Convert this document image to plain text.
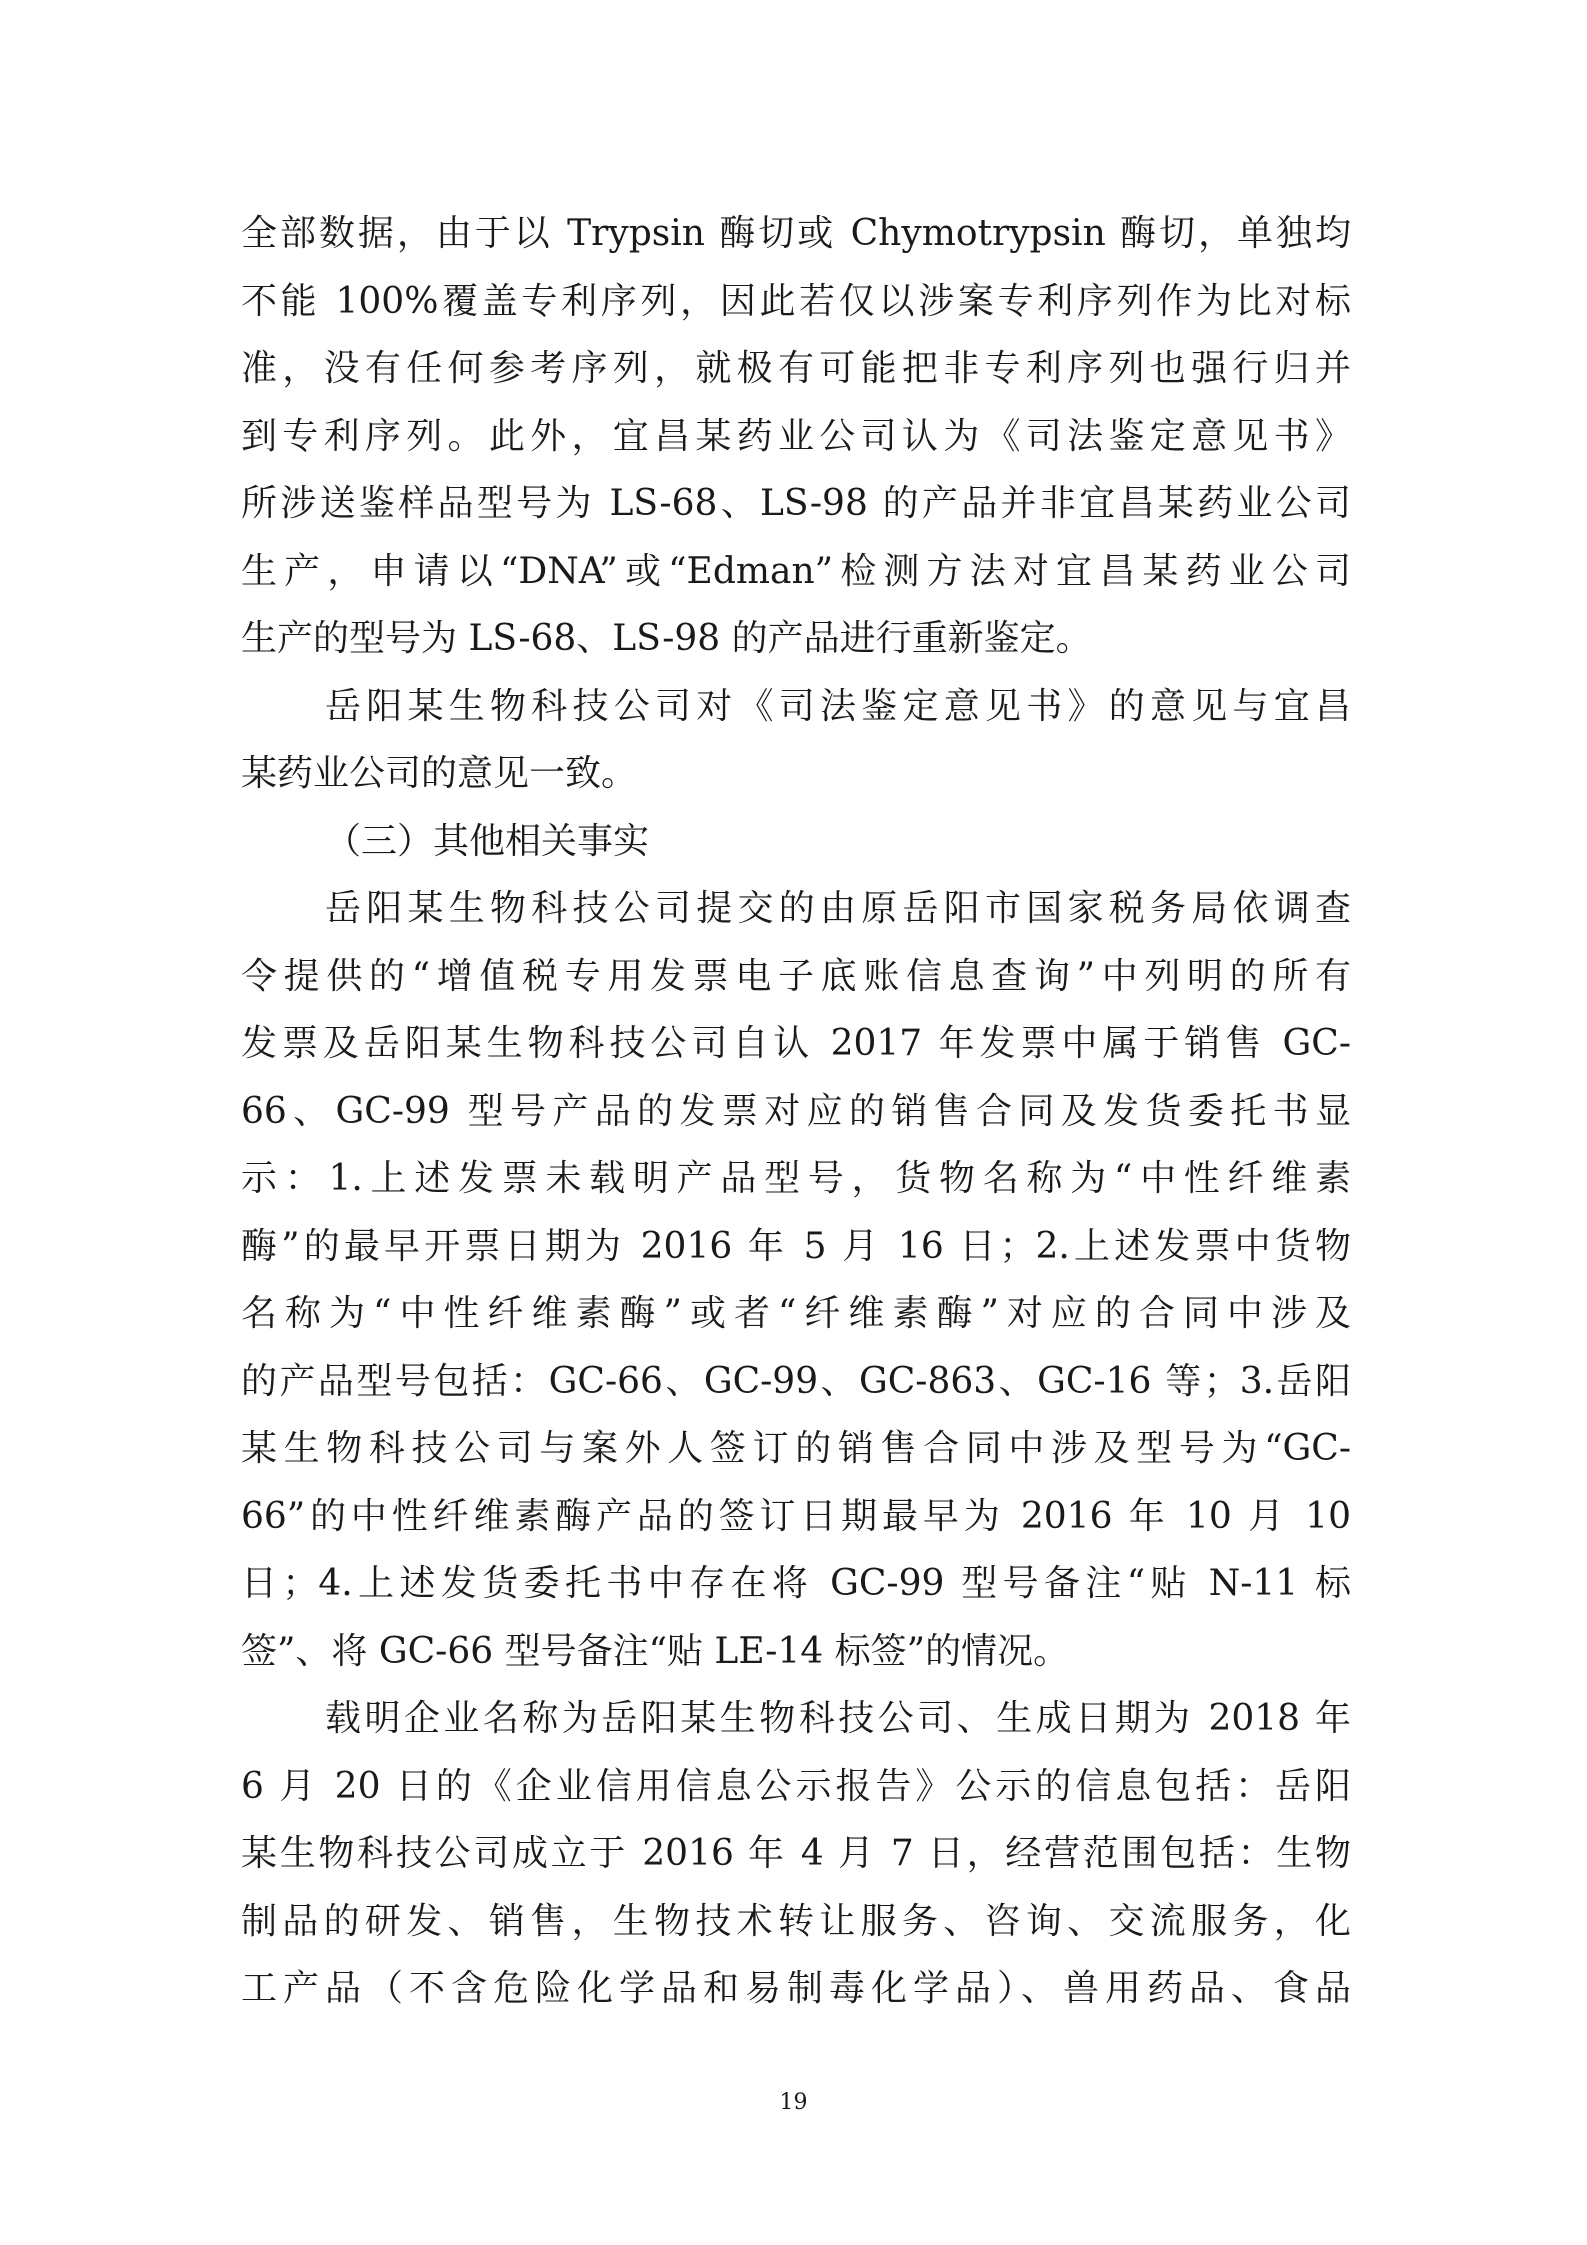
全部数据，由于以 Trypsin 酶切或 Chymotrypsin 酶切，单独均
不能 100%覆盖专利序列，因此若仅以涉案专利序列作为比对标
准，没有任何参考序列，就极有可能把非专利序列也强行归并
到专利序列。此外，宜昌某药业公司认为《司法鉴定意见书》
所涉送鉴样品型号为 LS-68、LS-98 的产品并非宜昌某药业公司
生产，申请以“DNA”或“Edman”检测方法对宜昌某药业公司
生产的型号为 LS-68、LS-98 的产品进行重新鉴定。
岳阳某生物科技公司对《司法鉴定意见书》的意见与宜昌
某药业公司的意见一致。
（三）其他相关事实
岳阳某生物科技公司提交的由原岳阳市国家税务局依调查
令提供的“增值税专用发票电子底账信息查询”中列明的所有
发票及岳阳某生物科技公司自认 2017 年发票中属于销售 GC-
66、GC-99 型号产品的发票对应的销售合同及发货委托书显
示：1.上述发票未载明产品型号，货物名称为“中性纤维素
酶”的最早开票日期为 2016 年 5 月 16 日；2.上述发票中货物
名称为“中性纤维素酶”或者“纤维素酶”对应的合同中涉及
的产品型号包括：GC-66、GC-99、GC-863、GC-16 等；3.岳阳
某生物科技公司与案外人签订的销售合同中涉及型号为“GC-
66”的中性纤维素酶产品的签订日期最早为 2016 年 10 月 10
日；4.上述发货委托书中存在将 GC-99 型号备注“贴 N-11 标
签”、将 GC-66 型号备注“贴 LE-14 标签”的情况。
载明企业名称为岳阳某生物科技公司、生成日期为 2018 年
6 月 20 日的《企业信用信息公示报告》公示的信息包括：岳阳
某生物科技公司成立于 2016 年 4 月 7 日，经营范围包括：生物
制品的研发、销售，生物技术转让服务、咨询、交流服务，化
工产品（不含危险化学品和易制毒化学品）、兽用药品、食品
19
